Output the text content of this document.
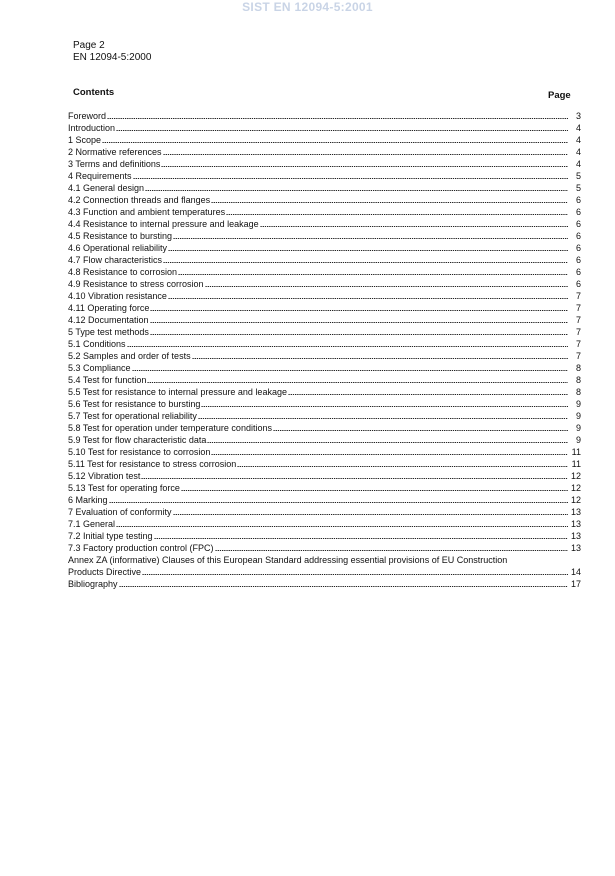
SIST EN 12094-5:2001
Page 2
EN 12094-5:2000
Contents	Page
Foreword	3
Introduction	4
1 Scope	4
2 Normative references	4
3 Terms and definitions	4
4 Requirements	5
4.1 General design	5
4.2 Connection threads and flanges	6
4.3 Function and ambient temperatures	6
4.4 Resistance to internal pressure and leakage	6
4.5 Resistance to bursting	6
4.6 Operational reliability	6
4.7 Flow characteristics	6
4.8 Resistance to corrosion	6
4.9 Resistance to stress corrosion	6
4.10 Vibration resistance	7
4.11 Operating force	7
4.12 Documentation	7
5 Type test methods	7
5.1 Conditions	7
5.2 Samples and order of tests	7
5.3 Compliance	8
5.4 Test for function	8
5.5 Test for resistance to internal pressure and leakage	8
5.6 Test for resistance to bursting	9
5.7 Test for operational reliability	9
5.8 Test for operation under temperature conditions	9
5.9 Test for flow characteristic data	9
5.10 Test for resistance to corrosion	11
5.11 Test for resistance to stress corrosion	11
5.12 Vibration test	12
5.13 Test for operating force	12
6 Marking	12
7 Evaluation of conformity	13
7.1 General	13
7.2 Initial type testing	13
7.3 Factory production control (FPC)	13
Annex ZA (informative) Clauses of this European Standard addressing essential provisions of EU Construction
Products Directive	14
Bibliography	17
